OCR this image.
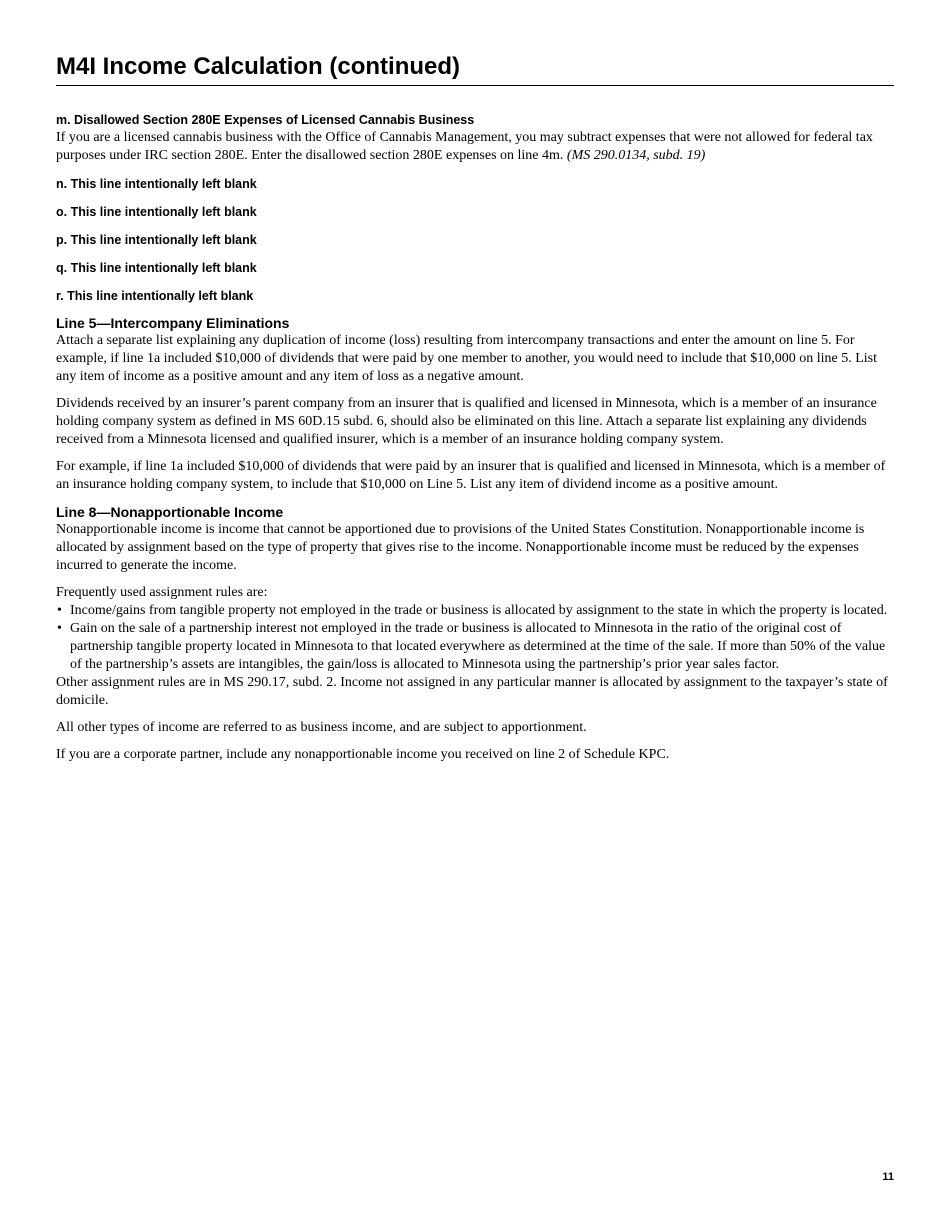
M4I Income Calculation (continued)
m. Disallowed Section 280E Expenses of Licensed Cannabis Business

If you are a licensed cannabis business with the Office of Cannabis Management, you may subtract expenses that were not allowed for federal tax purposes under IRC section 280E. Enter the disallowed section 280E expenses on line 4m. (MS 290.0134, subd. 19)

n. This line intentionally left blank
o. This line intentionally left blank
p. This line intentionally left blank
q. This line intentionally left blank
r. This line intentionally left blank
Line 5—Intercompany Eliminations

Attach a separate list explaining any duplication of income (loss) resulting from intercompany transactions and enter the amount on line 5. For example, if line 1a included $10,000 of dividends that were paid by one member to another, you would need to include that $10,000 on line 5. List any item of income as a positive amount and any item of loss as a negative amount.

Dividends received by an insurer’s parent company from an insurer that is qualified and licensed in Minnesota, which is a member of an insurance holding company system as defined in MS 60D.15 subd. 6, should also be eliminated on this line. Attach a separate list explaining any dividends received from a Minnesota licensed and qualified insurer, which is a member of an insurance holding company system.

For example, if line 1a included $10,000 of dividends that were paid by an insurer that is qualified and licensed in Minnesota, which is a member of an insurance holding company system, to include that $10,000 on Line 5. List any item of dividend income as a positive amount.

Line 8—Nonapportionable Income

Nonapportionable income is income that cannot be apportioned due to provisions of the United States Constitution. Nonapportionable income is allocated by assignment based on the type of property that gives rise to the income. Nonapportionable income must be reduced by the expenses incurred to generate the income.

Frequently used assignment rules are:

• Income/gains from tangible property not employed in the trade or business is allocated by assignment to the state in which the property is located.
• Gain on the sale of a partnership interest not employed in the trade or business is allocated to Minnesota in the ratio of the original cost of partnership tangible property located in Minnesota to that located everywhere as determined at the time of the sale. If more than 50% of the value of the partnership’s assets are intangibles, the gain/loss is allocated to Minnesota using the partnership’s prior year sales factor.

Other assignment rules are in MS 290.17, subd. 2. Income not assigned in any particular manner is allocated by assignment to the taxpayer’s state of domicile.

All other types of income are referred to as business income, and are subject to apportionment.

If you are a corporate partner, include any nonapportionable income you received on line 2 of Schedule KPC.

11
